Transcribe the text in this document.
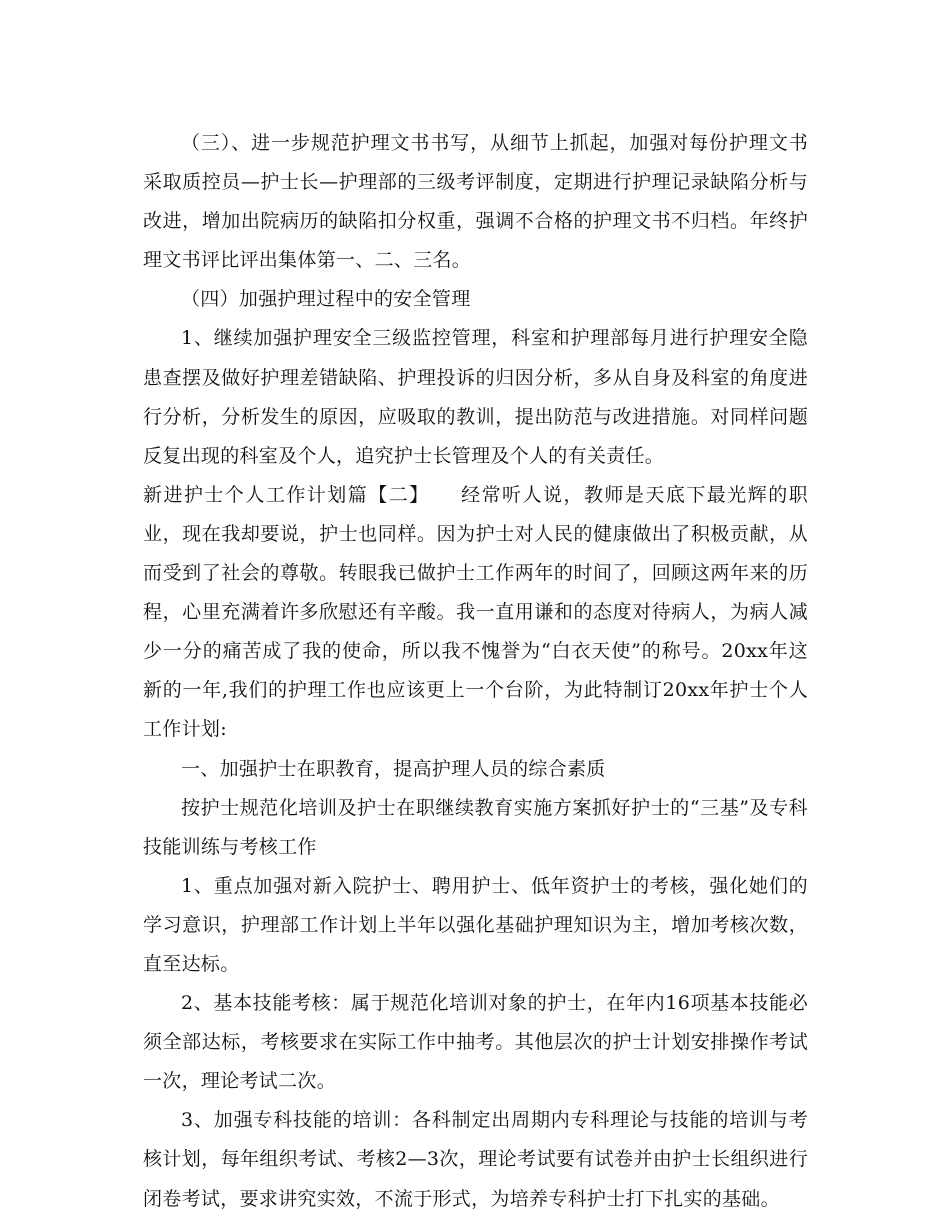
（三）、进一步规范护理文书书写，从细节上抓起，加强对每份护理文书采取质控员—护士长—护理部的三级考评制度，定期进行护理记录缺陷分析与改进，增加出院病历的缺陷扣分权重，强调不合格的护理文书不归档。年终护理文书评比评出集体第一、二、三名。

（四）加强护理过程中的安全管理

1、继续加强护理安全三级监控管理，科室和护理部每月进行护理安全隐患查摆及做好护理差错缺陷、护理投诉的归因分析，多从自身及科室的角度进行分析，分析发生的原因，应吸取的教训，提出防范与改进措施。对同样问题反复出现的科室及个人，追究护士长管理及个人的有关责任。

新进护士个人工作计划篇【二】　　经常听人说，教师是天底下最光辉的职业，现在我却要说，护士也同样。因为护士对人民的健康做出了积极贡献，从而受到了社会的尊敬。转眼我已做护士工作两年的时间了，回顾这两年来的历程，心里充满着许多欣慰还有辛酸。我一直用谦和的态度对待病人，为病人减少一分的痛苦成了我的使命，所以我不愧誉为“白衣天使”的称号。20xx年这新的一年,我们的护理工作也应该更上一个台阶，为此特制订20xx年护士个人工作计划:

一、加强护士在职教育，提高护理人员的综合素质

按护士规范化培训及护士在职继续教育实施方案抓好护士的“三基”及专科技能训练与考核工作

1、重点加强对新入院护士、聘用护士、低年资护士的考核，强化她们的学习意识，护理部工作计划上半年以强化基础护理知识为主，增加考核次数，直至达标。

2、基本技能考核：属于规范化培训对象的护士，在年内16项基本技能必须全部达标，考核要求在实际工作中抽考。其他层次的护士计划安排操作考试一次，理论考试二次。

3、加强专科技能的培训：各科制定出周期内专科理论与技能的培训与考核计划，每年组织考试、考核2—3次，理论考试要有试卷并由护士长组织进行闭卷考试，要求讲究实效，不流于形式，为培养专科护士打下扎实的基础。
